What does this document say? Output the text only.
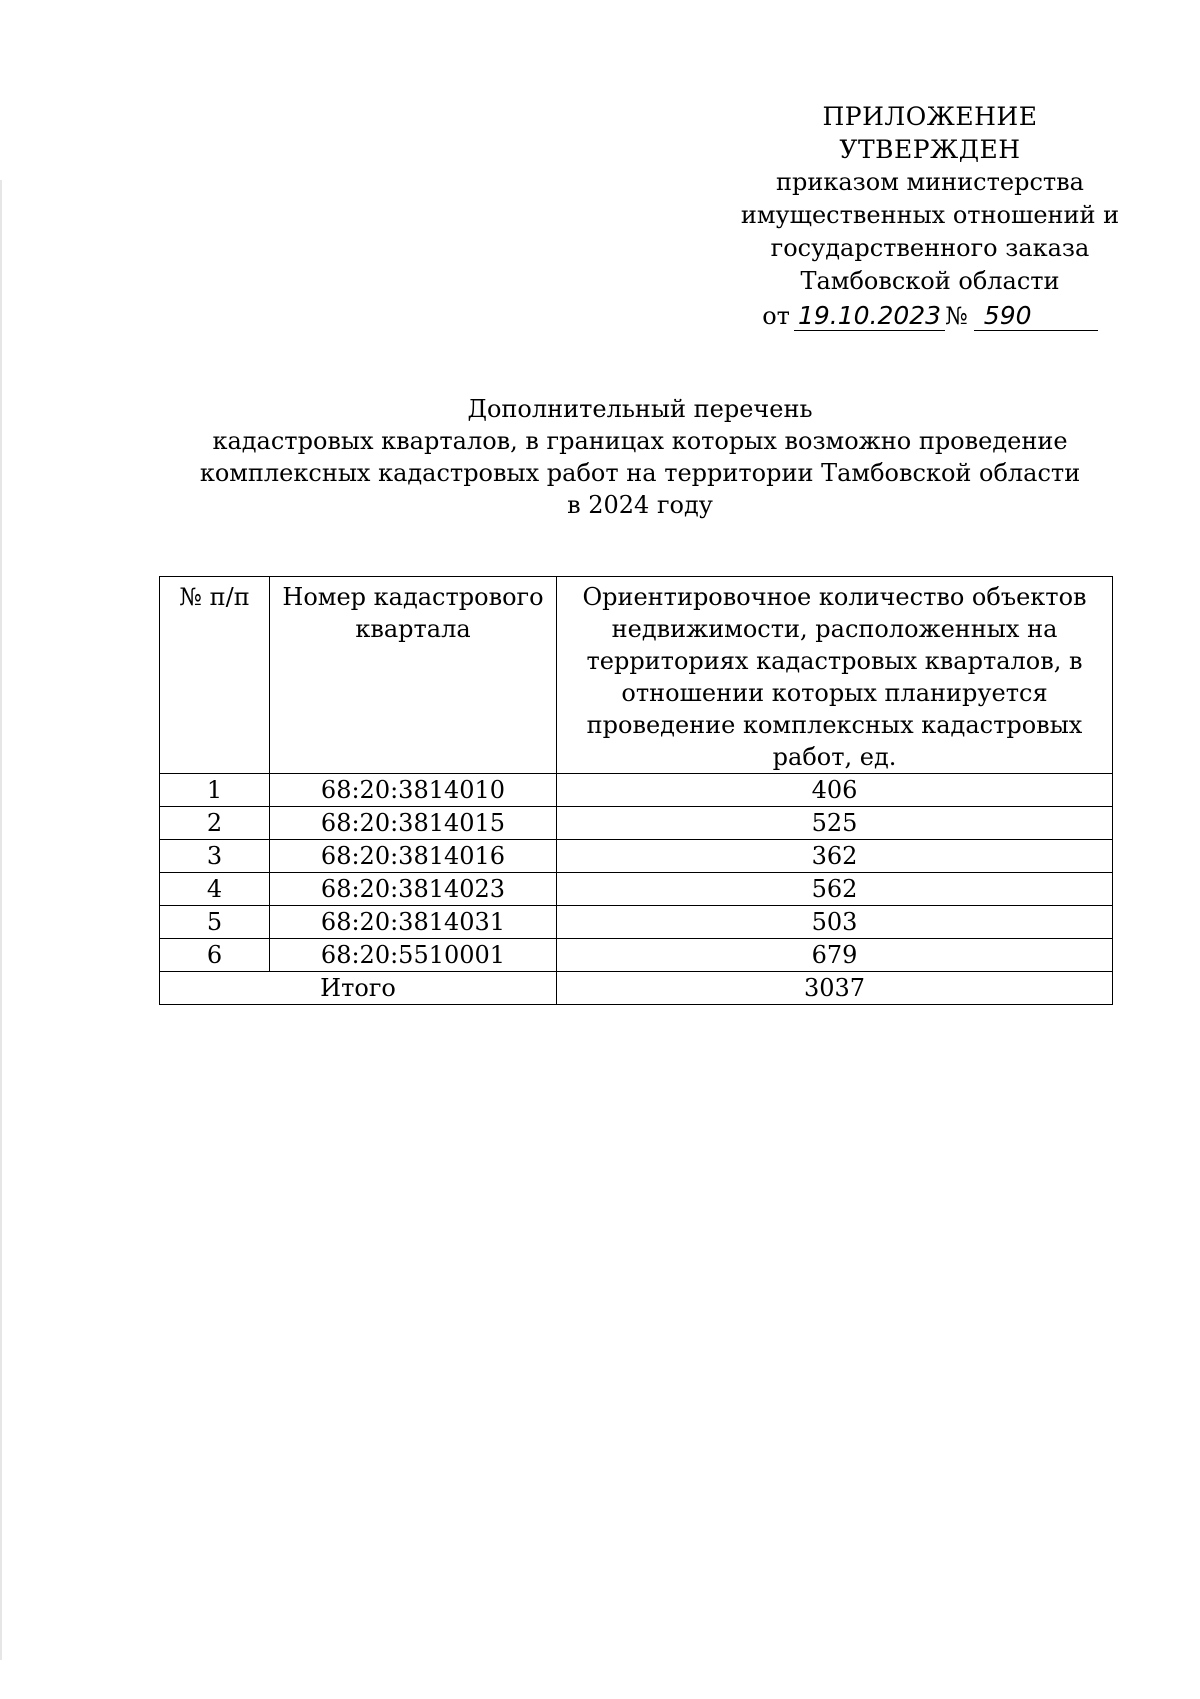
ПРИЛОЖЕНИЕ
УТВЕРЖДЕН
приказом министерства
имущественных отношений и
государственного заказа
Тамбовской области
от 19.10.2023 № 590
Дополнительный перечень
кадастровых кварталов, в границах которых возможно проведение
комплексных кадастровых работ на территории Тамбовской области
в 2024 году
№ п/п	Номер кадастрового квартала	Ориентировочное количество объектов недвижимости, расположенных на территориях кадастровых кварталов, в отношении которых планируется проведение комплексных кадастровых работ, ед.
1	68:20:3814010	406
2	68:20:3814015	525
3	68:20:3814016	362
4	68:20:3814023	562
5	68:20:3814031	503
6	68:20:5510001	679
Итого		3037
